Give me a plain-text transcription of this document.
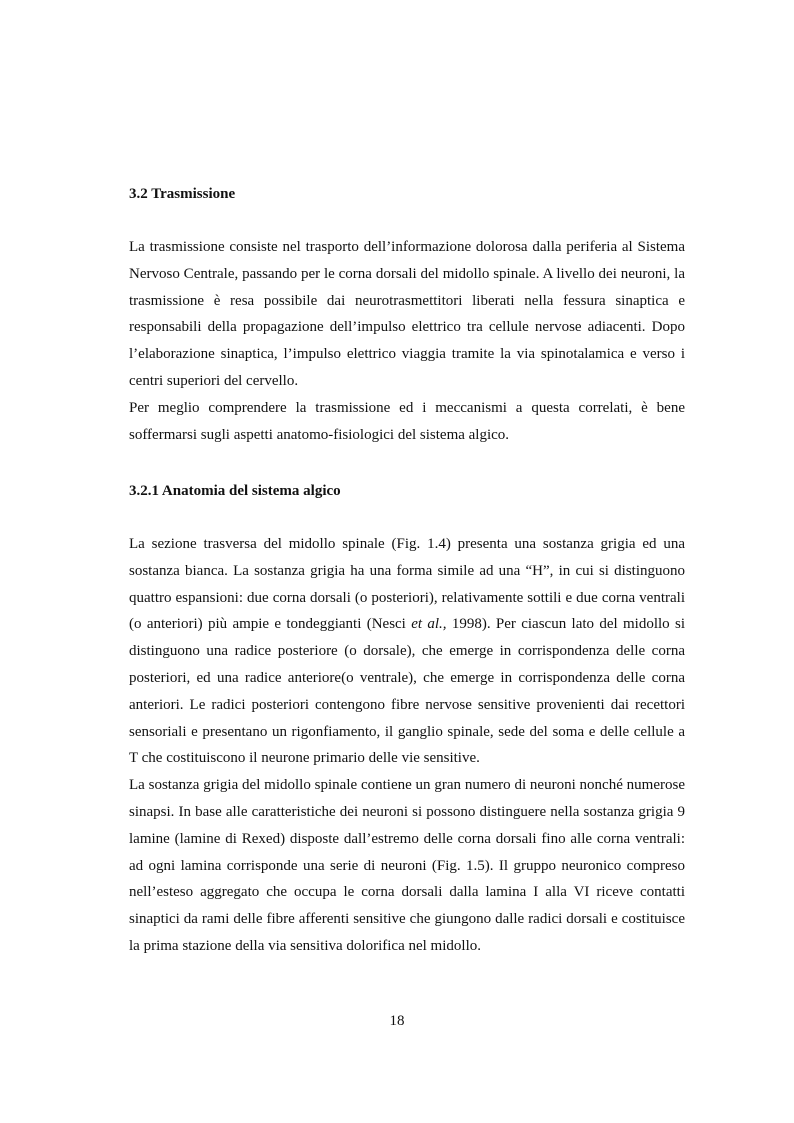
3.2 Trasmissione

La trasmissione consiste nel trasporto dell’informazione dolorosa dalla periferia al Sistema Nervoso Centrale, passando per le corna dorsali del midollo spinale. A livello dei neuroni, la trasmissione è resa possibile dai neurotrasmettitori liberati nella fessura sinaptica e responsabili della propagazione dell’impulso elettrico tra cellule nervose adiacenti. Dopo l’elaborazione sinaptica, l’impulso elettrico viaggia tramite la via spinotalamica e verso i centri superiori del cervello.

Per meglio comprendere la trasmissione ed i meccanismi a questa correlati, è bene soffermarsi sugli aspetti anatomo-fisiologici del sistema algico.

3.2.1 Anatomia del sistema algico

La sezione trasversa del midollo spinale (Fig. 1.4) presenta una sostanza grigia ed una sostanza bianca. La sostanza grigia ha una forma simile ad una “H”, in cui si distinguono quattro espansioni: due corna dorsali (o posteriori), relativamente sottili e due corna ventrali (o anteriori) più ampie e tondeggianti (Nesci et al., 1998). Per ciascun lato del midollo si distinguono una radice posteriore (o dorsale), che emerge in corrispondenza delle corna posteriori, ed una radice anteriore(o ventrale), che emerge in corrispondenza delle corna anteriori. Le radici posteriori contengono fibre nervose sensitive provenienti dai recettori sensoriali e presentano un rigonfiamento, il ganglio spinale, sede del soma e delle cellule a T che costituiscono il neurone primario delle vie sensitive.

La sostanza grigia del midollo spinale contiene un gran numero di neuroni nonché numerose sinapsi. In base alle caratteristiche dei neuroni si possono distinguere nella sostanza grigia 9 lamine (lamine di Rexed) disposte dall’estremo delle corna dorsali fino alle corna ventrali: ad ogni lamina corrisponde una serie di neuroni (Fig. 1.5). Il gruppo neuronico compreso nell’esteso aggregato che occupa le corna dorsali dalla lamina I alla VI riceve contatti sinaptici da rami delle fibre afferenti sensitive che giungono dalle radici dorsali e costituisce la prima stazione della via sensitiva dolorifica nel midollo.

18
